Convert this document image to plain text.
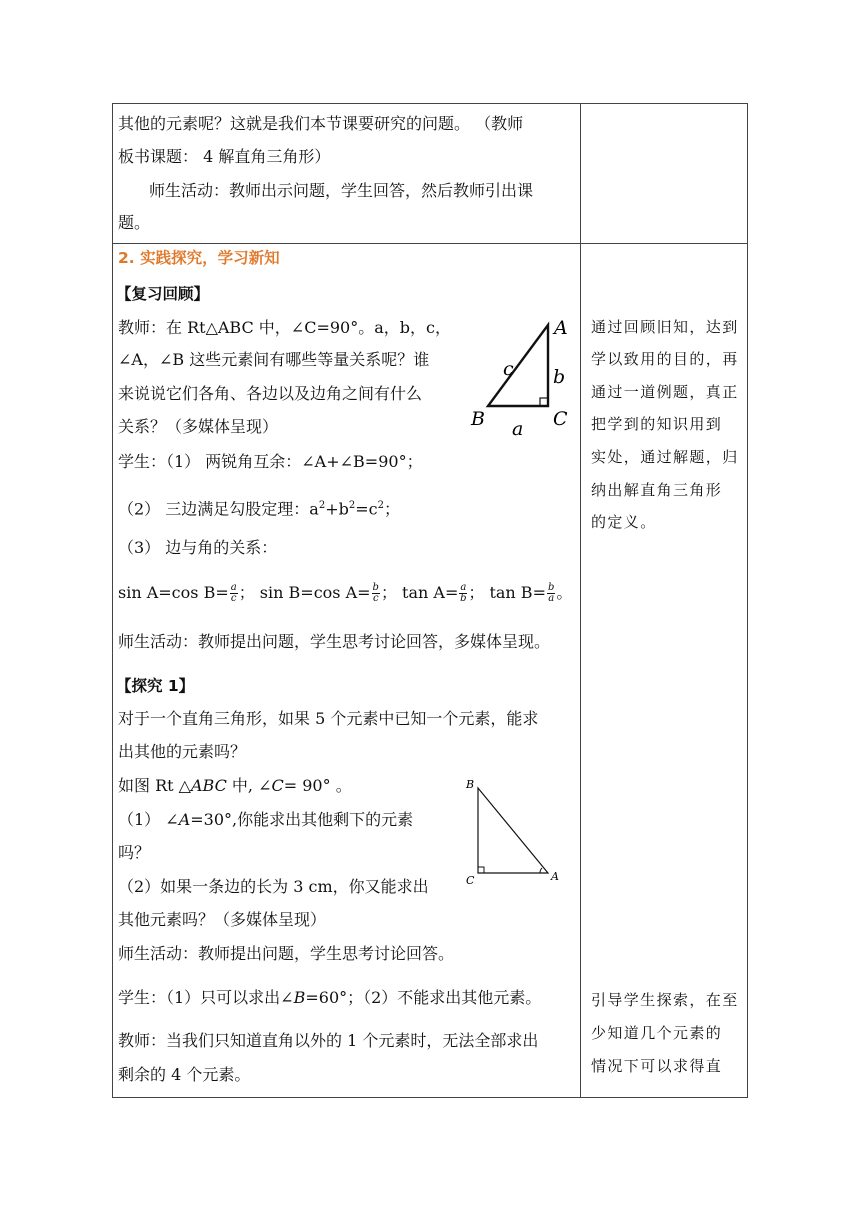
其他的元素呢？这就是我们本节课要研究的问题。 （教师
板书课题： 4 解直角三角形）
师生活动：教师出示问题，学生回答，然后教师引出课
题。
2. 实践探究，学习新知
【复习回顾】
教师：在 Rt△ABC 中，∠C=90°。a，b，c，
∠A，∠B 这些元素间有哪些等量关系呢？谁
来说说它们各角、各边以及边角之间有什么
关系？（多媒体呈现）
A
B	C
a
b
c
学生：（1） 两锐角互余：∠A+∠B=90°；
（2） 三边满足勾股定理：$a^2+b^2=c^2$；
（3） 边与角的关系：
sin A=cos $B= \frac{a}{c}$ ； sin B=cos $A= \frac{b}{c}$ ； $\tan A= \frac{a}{b}$ ； $\tan B= \frac{b}{a}$ 。
师生活动：教师提出问题，学生思考讨论回答，多媒体呈现。
【探究 1】
对于一个直角三角形，如果 5 个元素中已知一个元素，能求
出其他的元素吗？
如图 Rt △ABC 中, ∠C= 90° 。
（1） ∠A=30°,你能求出其他剩下的元素
吗？
（2）如果一条边的长为 3 cm，你又能求出
其他元素吗？（多媒体呈现）
B
C	A
师生活动：教师提出问题，学生思考讨论回答。
学生：（1）只可以求出∠B=60°；（2）不能求出其他元素。
教师：当我们只知道直角以外的 1 个元素时，无法全部求出
剩余的 4 个元素。
通过回顾旧知，达到
学以致用的目的，再
通过一道例题，真正
把学到的知识用到
实处，通过解题，归
纳出解直角三角形
的定义。
引导学生探索，在至
少知道几个元素的
情况下可以求得直
